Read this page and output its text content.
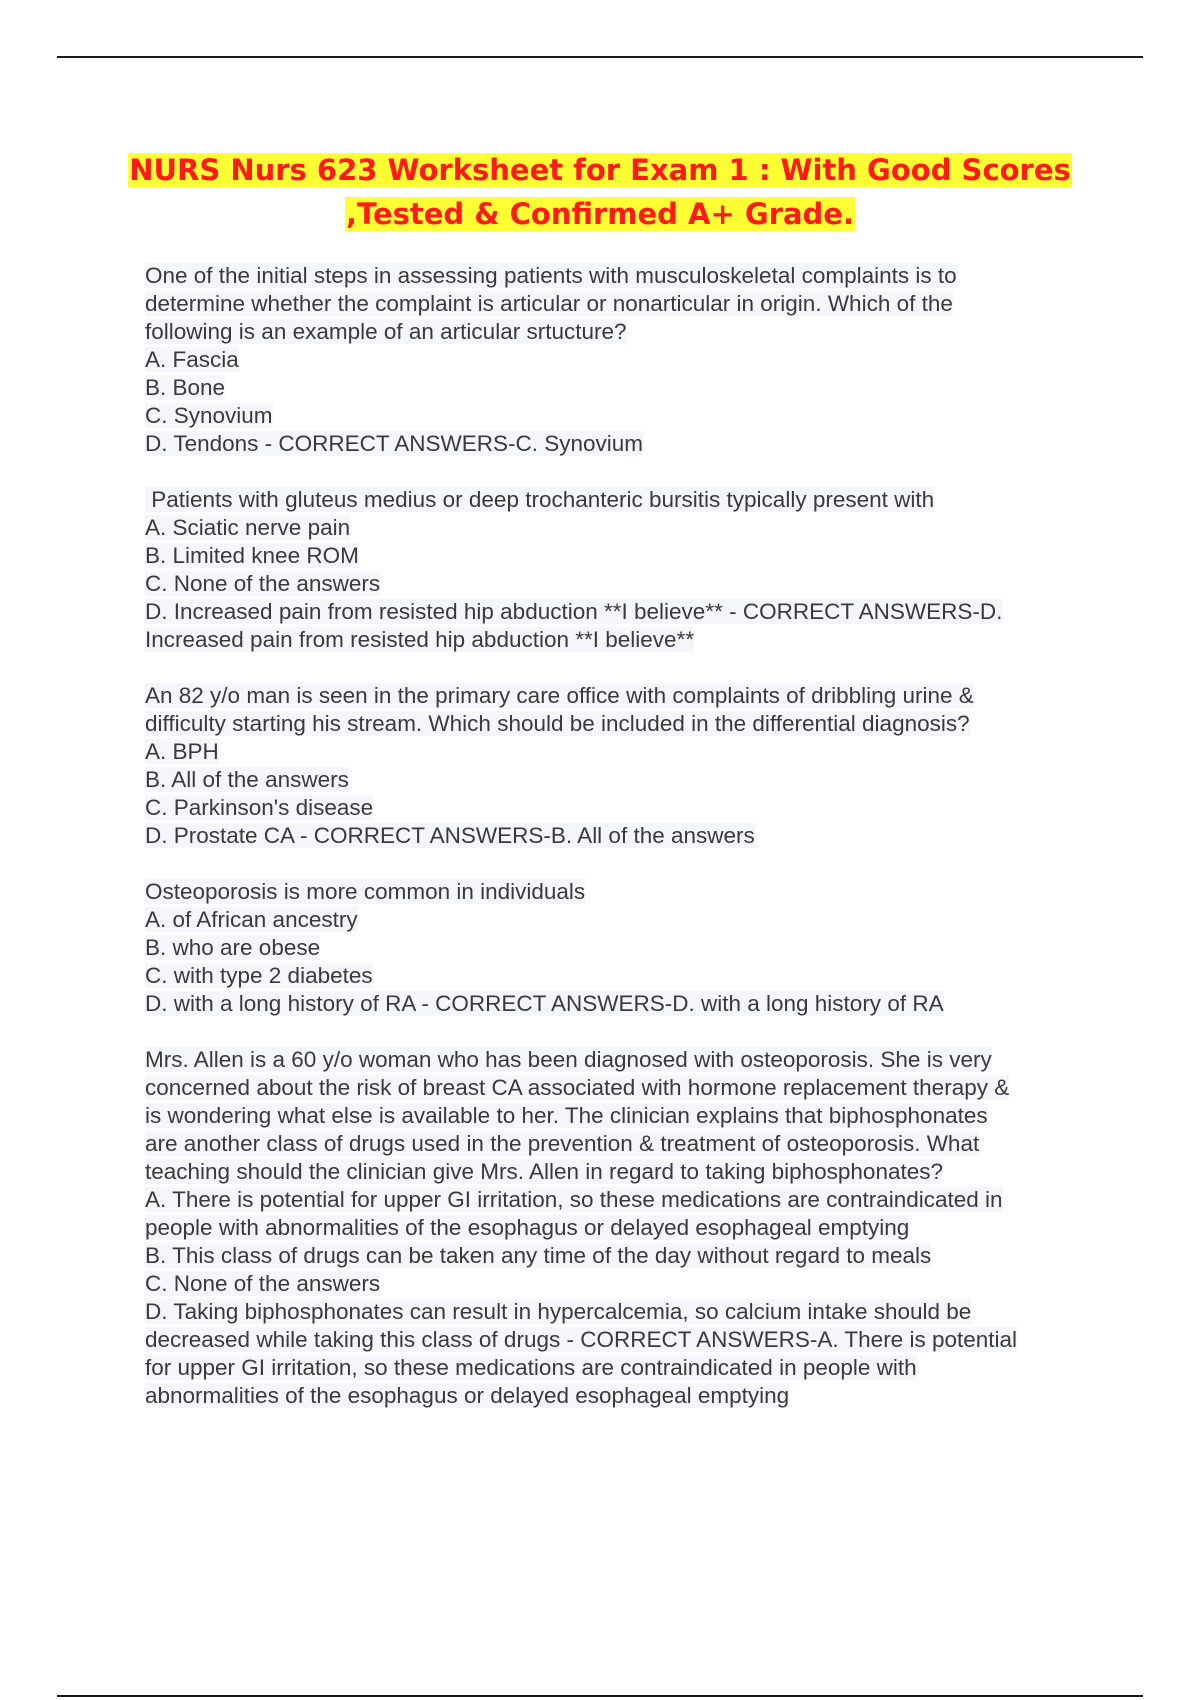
NURS Nurs 623 Worksheet for Exam 1 : With Good Scores
,Tested & Confirmed A+ Grade.

One of the initial steps in assessing patients with musculoskeletal complaints is to

determine whether the complaint is articular or nonarticular in origin. Which of the

following is an example of an articular srtucture?

A. Fascia

B. Bone

C. Synovium

D. Tendons - CORRECT ANSWERS-C. Synovium

Patients with gluteus medius or deep trochanteric bursitis typically present with

A. Sciatic nerve pain

B. Limited knee ROM

C. None of the answers

D. Increased pain from resisted hip abduction **I believe** - CORRECT ANSWERS-D.

Increased pain from resisted hip abduction **I believe**

An 82 y/o man is seen in the primary care office with complaints of dribbling urine &

difficulty starting his stream. Which should be included in the differential diagnosis?

A. BPH

B. All of the answers

C. Parkinson's disease

D. Prostate CA - CORRECT ANSWERS-B. All of the answers

Osteoporosis is more common in individuals

A. of African ancestry

B. who are obese

C. with type 2 diabetes

D. with a long history of RA - CORRECT ANSWERS-D. with a long history of RA

Mrs. Allen is a 60 y/o woman who has been diagnosed with osteoporosis. She is very

concerned about the risk of breast CA associated with hormone replacement therapy &

is wondering what else is available to her. The clinician explains that biphosphonates

are another class of drugs used in the prevention & treatment of osteoporosis. What

teaching should the clinician give Mrs. Allen in regard to taking biphosphonates?

A. There is potential for upper GI irritation, so these medications are contraindicated in

people with abnormalities of the esophagus or delayed esophageal emptying

B. This class of drugs can be taken any time of the day without regard to meals

C. None of the answers

D. Taking biphosphonates can result in hypercalcemia, so calcium intake should be

decreased while taking this class of drugs - CORRECT ANSWERS-A. There is potential

for upper GI irritation, so these medications are contraindicated in people with

abnormalities of the esophagus or delayed esophageal emptying
